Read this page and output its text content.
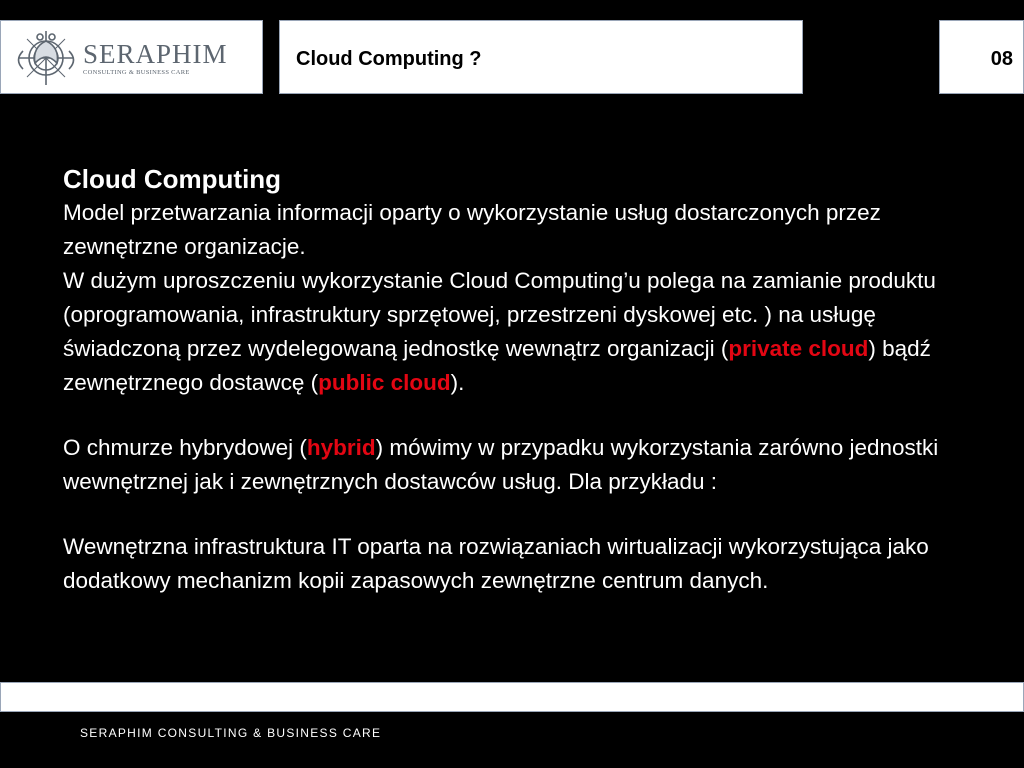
SERAPHIM
CONSULTING & BUSINESS CARE
Cloud Computing ?	08

Cloud Computing

Model przetwarzania informacji oparty o wykorzystanie usług dostarczonych przez zewnętrzne organizacje.

W dużym uproszczeniu wykorzystanie Cloud Computing’u polega na zamianie produktu (oprogramowania, infrastruktury sprzętowej, przestrzeni dyskowej etc. ) na usługę świadczoną przez wydelegowaną jednostkę wewnątrz organizacji (private cloud) bądź zewnętrznego dostawcę (public cloud).

O chmurze hybrydowej (hybrid) mówimy w przypadku wykorzystania zarówno jednostki wewnętrznej jak i zewnętrznych dostawców usług. Dla przykładu :

Wewnętrzna infrastruktura IT oparta na rozwiązaniach wirtualizacji wykorzystująca jako dodatkowy mechanizm kopii zapasowych zewnętrzne centrum danych.

SERAPHIM CONSULTING & BUSINESS CARE
